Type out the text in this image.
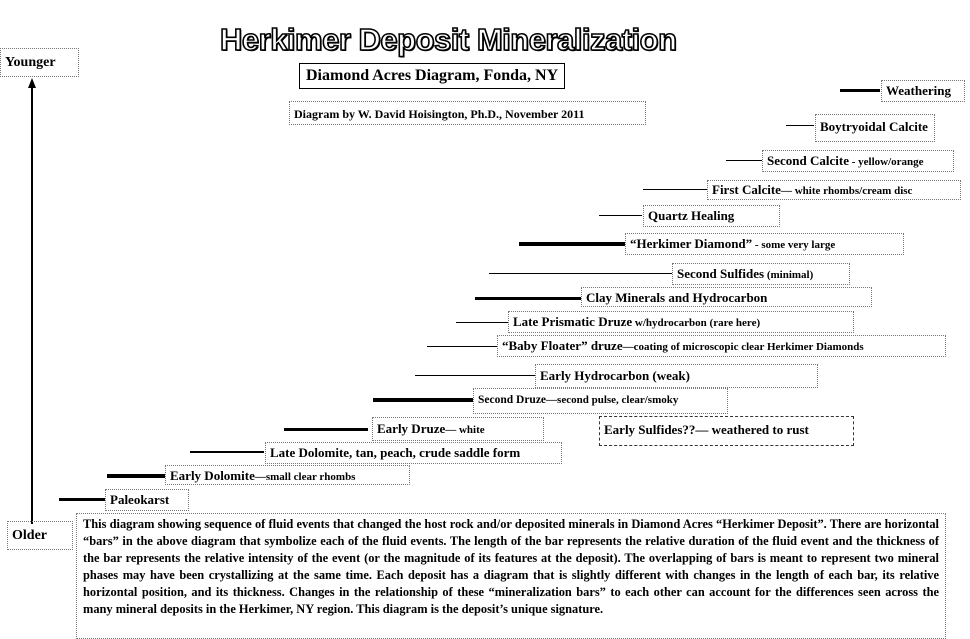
Herkimer Deposit Mineralization
Diamond Acres Diagram, Fonda, NY
Diagram by W. David Hoisington, Ph.D., November 2011
Younger
Older
Weathering
Boytryoidal Calcite
Second Calcite - yellow/orange
First Calcite— white rhombs/cream disc
Quartz Healing
“Herkimer Diamond” - some very large
Second Sulfides (minimal)
Clay Minerals and Hydrocarbon
Late Prismatic Druze w/hydrocarbon (rare here)
“Baby Floater” druze—coating of microscopic clear Herkimer Diamonds
Early Hydrocarbon (weak)
Second Druze—second pulse, clear/smoky
Early Druze— white	Early Sulfides??— weathered to rust
Late Dolomite, tan, peach, crude saddle form
Early Dolomite—small clear rhombs
Paleokarst
This diagram showing sequence of fluid events that changed the host rock and/or deposited minerals in Diamond Acres “Herkimer Deposit”. There are horizontal “bars” in the above diagram that symbolize each of the fluid events. The length of the bar represents the relative duration of the fluid event and the thickness of the bar represents the relative intensity of the event (or the magnitude of its features at the deposit). The overlapping of bars is meant to represent two mineral phases may have been crystallizing at the same time. Each deposit has a diagram that is slightly different with changes in the length of each bar, its relative horizontal position, and its thickness. Changes in the relationship of these “mineralization bars” to each other can account for the differences seen across the many mineral deposits in the Herkimer, NY region. This diagram is the deposit’s unique signature.
